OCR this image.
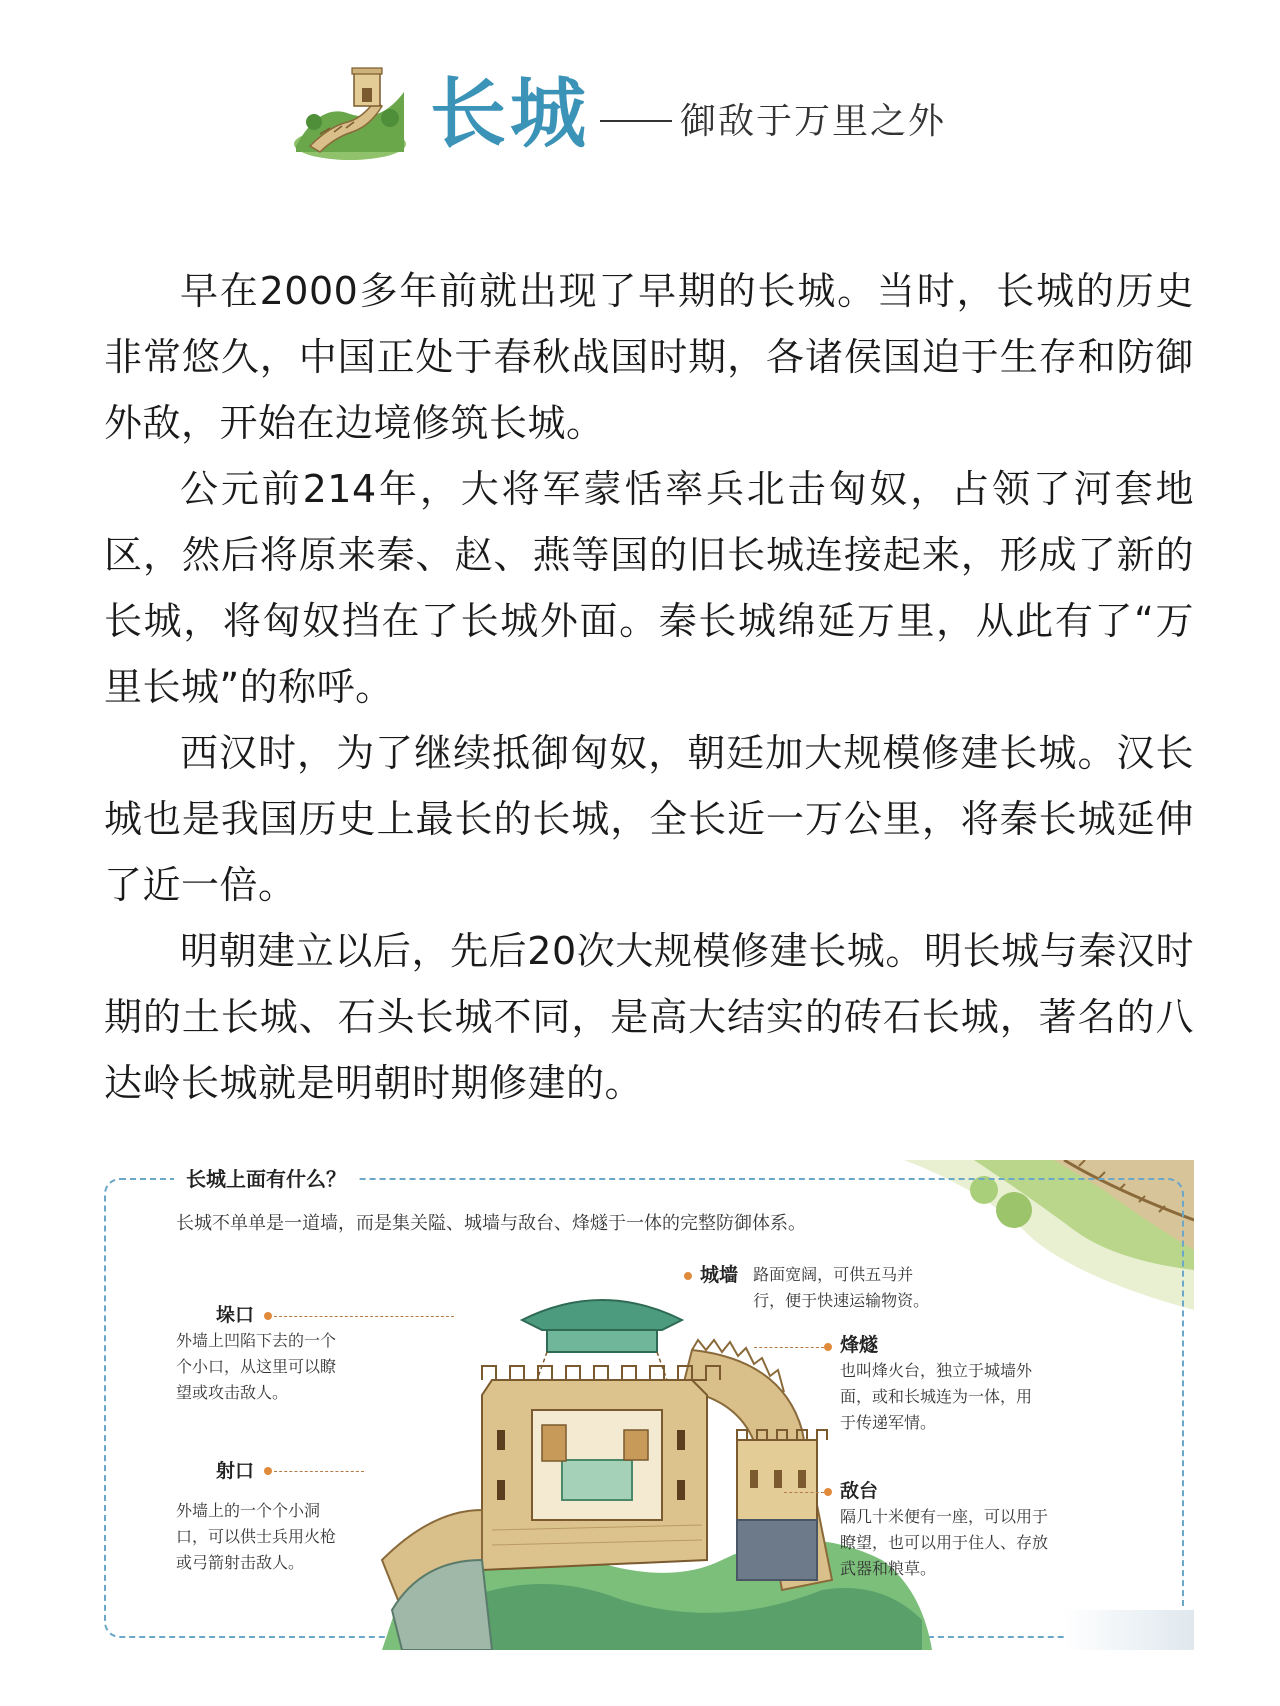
长城	御敌于万里之外

早在2000多年前就出现了早期的长城。当时，长城的历史非常悠久，中国正处于春秋战国时期，各诸侯国迫于生存和防御外敌，开始在边境修筑长城。

公元前214年，大将军蒙恬率兵北击匈奴，占领了河套地区，然后将原来秦、赵、燕等国的旧长城连接起来，形成了新的长城，将匈奴挡在了长城外面。秦长城绵延万里，从此有了“万里长城”的称呼。

西汉时，为了继续抵御匈奴，朝廷加大规模修建长城。汉长城也是我国历史上最长的长城，全长近一万公里，将秦长城延伸了近一倍。

明朝建立以后，先后20次大规模修建长城。明长城与秦汉时期的土长城、石头长城不同，是高大结实的砖石长城，著名的八达岭长城就是明朝时期修建的。

长城上面有什么？
长城不单单是一道墙，而是集关隘、城墙与敌台、烽燧于一体的完整防御体系。
垛口
外墙上凹陷下去的一个个小口，从这里可以瞭望或攻击敌人。
射口
外墙上的一个个小洞口，可以供士兵用火枪或弓箭射击敌人。
城墙 路面宽阔，可供五马并行，便于快速运输物资。
烽燧
也叫烽火台，独立于城墙外面，或和长城连为一体，用于传递军情。
敌台
隔几十米便有一座，可以用于瞭望，也可以用于住人、存放武器和粮草。
